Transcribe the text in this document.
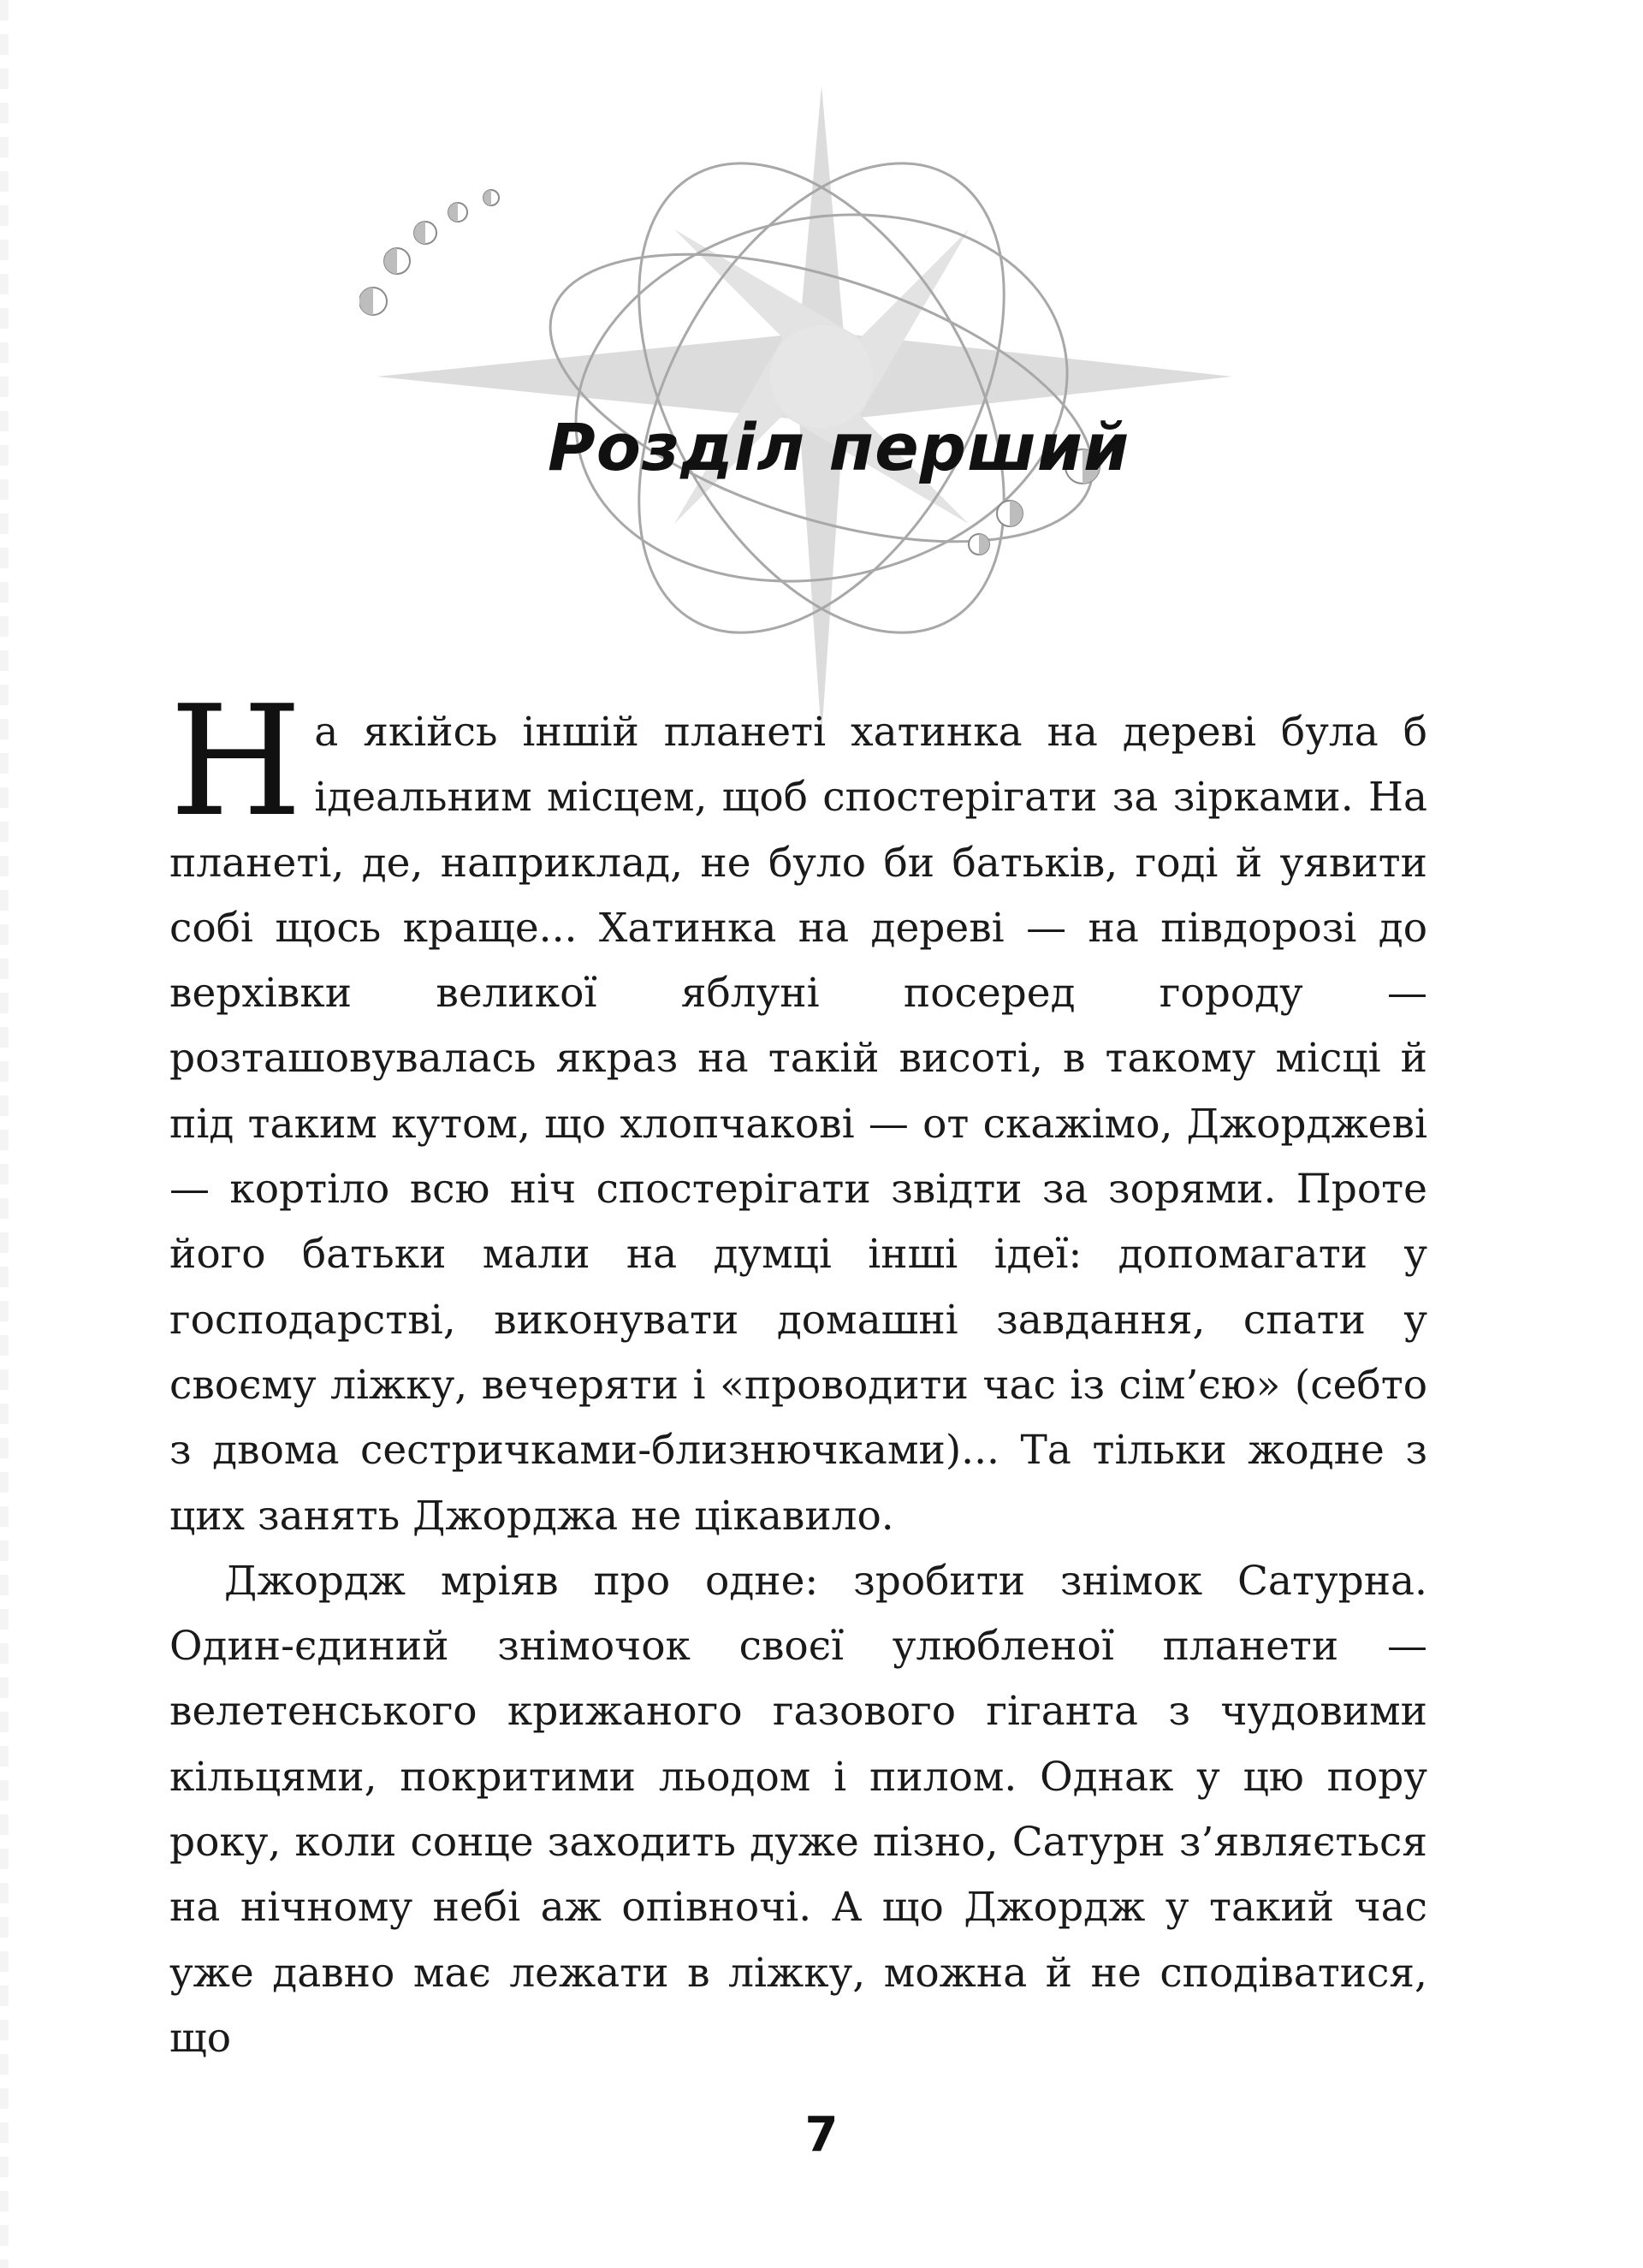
Розділ перший

На якійсь іншій планеті хатинка на дереві була б ідеальним місцем, щоб спостерігати за зірками. На планеті, де, наприклад, не було би батьків, годі й уявити собі щось краще... Хатинка на дереві — на півдорозі до верхівки великої яблуні посеред городу — розташовувалась якраз на такій висоті, в такому місці й під таким кутом, що хлопчакові — от скажімо, Джорджеві — кортіло всю ніч спостерігати звідти за зорями. Проте його батьки мали на думці інші ідеї: допомагати у господарстві, виконувати домашні завдання, спати у своєму ліжку, вечеряти і «проводити час із сім’єю» (себто з двома сестричками-близнючками)... Та тільки жодне з цих занять Джорджа не цікавило.

Джордж мріяв про одне: зробити знімок Сатурна. Один-єдиний знімочок своєї улюбленої планети — велетенського крижаного газового гіганта з чудовими кільцями, покритими льодом і пилом. Однак у цю пору року, коли сонце заходить дуже пізно, Сатурн з’являється на нічному небі аж опівночі. А що Джордж у такий час уже давно має лежати в ліжку, можна й не сподіватися, що

7
